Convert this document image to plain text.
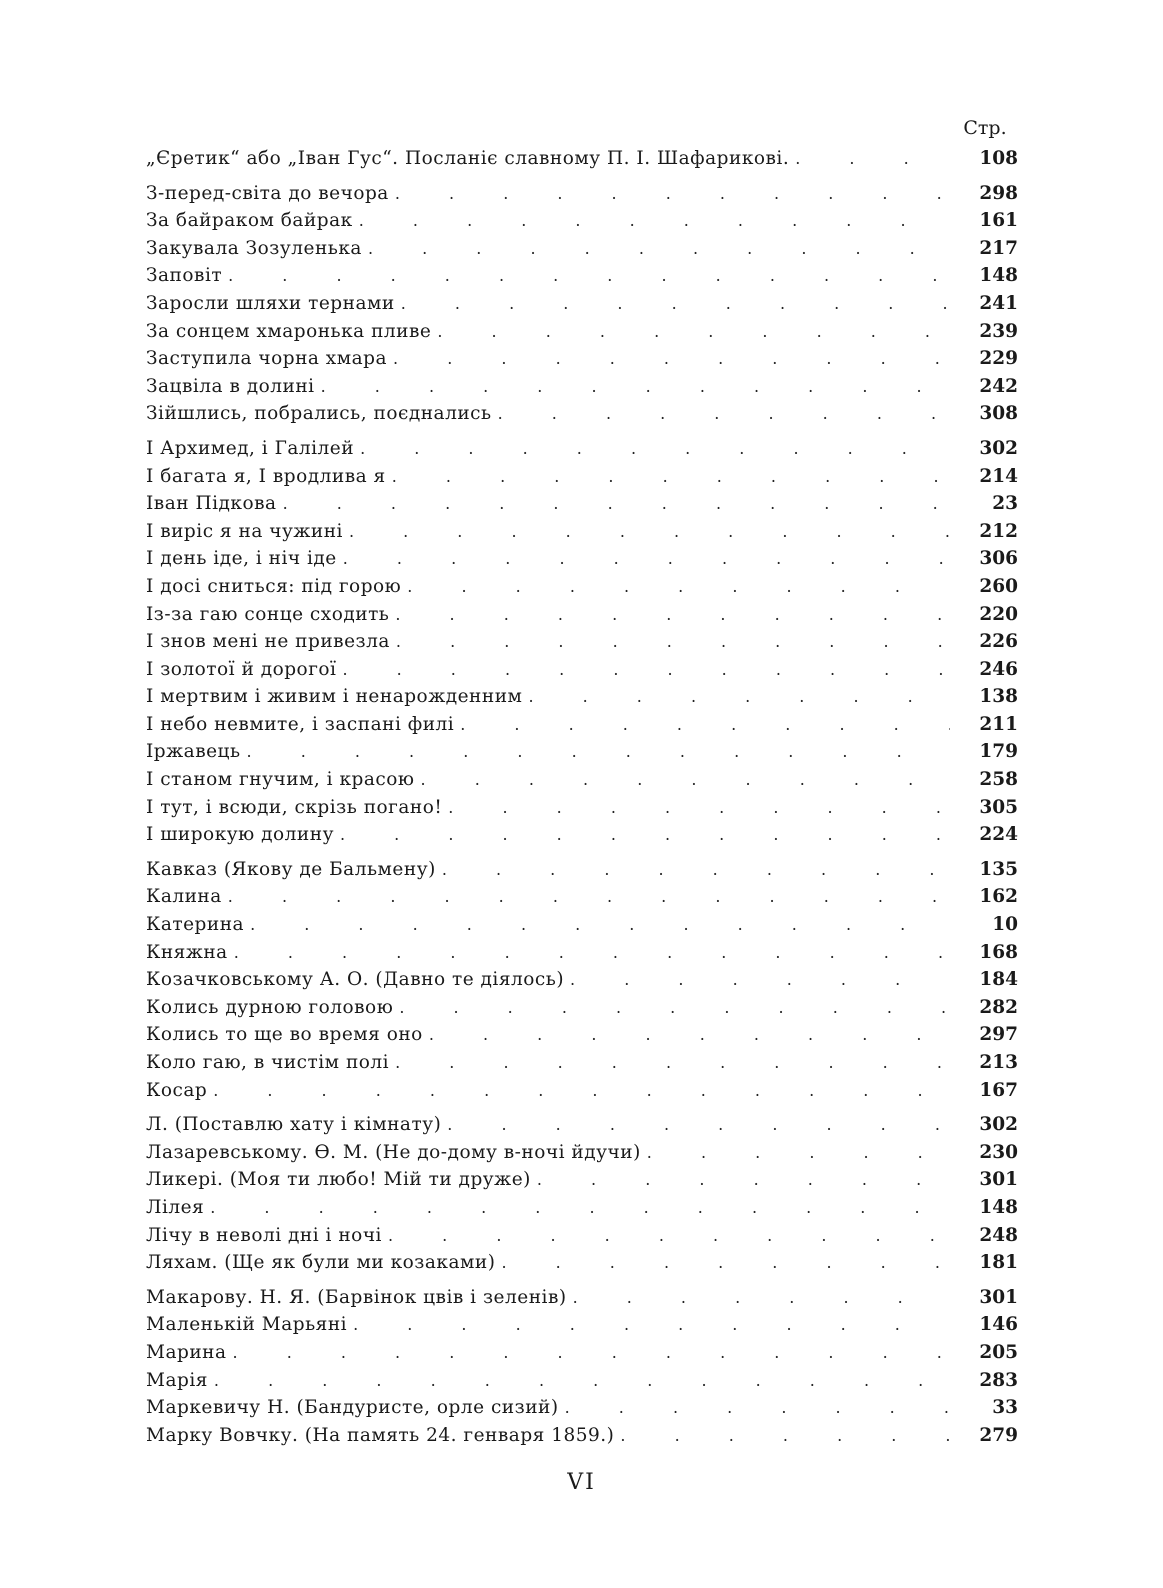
Стр.
„Єретик“ або „Іван Гус“. Посланіє славному П. І. Шафарикові. . . .	108
З-перед-світа до вечора . . .	298
За байраком байрак . . .	161
Закувала Зозуленька . . .	217
Заповіт . . .	148
Заросли шляхи тернами . . .	241
За сонцем хмаронька пливе . . .	239
Заступила чорна хмара . . .	229
Зацвіла в долині . . .	242
Зійшлись, побрались, поєднались . . .	308
І Архимед, і Галілей . . .	302
І багата я, І вродлива я . . .	214
Іван Підкова . . .	23
І виріс я на чужині . . .	212
І день іде, і ніч іде . . .	306
І досі сниться: під горою . . .	260
Із-за гаю сонце сходить . . .	220
І знов мені не привезла . . .	226
І золотої й дорогої . . .	246
І мертвим і живим і ненарожденним . . .	138
І небо невмите, і заспані филі . . .	211
Іржавець . . .	179
І станом гнучим, і красою . . .	258
І тут, і всюди, скрізь погано! . . .	305
І широкую долину . . .	224
Кавказ (Якову де Бальмену) . . .	135
Калина . . .	162
Катерина . . .	10
Княжна . . .	168
Козачковському А. О. (Давно те діялось) . . .	184
Колись дурною головою . . .	282
Колись то ще во время оно . . .	297
Коло гаю, в чистім полі . . .	213
Косар . . .	167
Л. (Поставлю хату і кімнату) . . .	302
Лазаревському. Ө. М. (Не до-дому в-ночі йдучи) . . .	230
Ликері. (Моя ти любо! Мій ти друже) . . .	301
Лілея . . .	148
Лічу в неволі дні і ночі . . .	248
Ляхам. (Ще як були ми козаками) . . .	181
Макарову. Н. Я. (Барвінок цвів і зеленів) . . .	301
Маленькій Марьяні . . .	146
Марина . . .	205
Марія . . .	283
Маркевичу Н. (Бандуристе, орле сизий) . . .	33
Марку Вовчку. (На память 24. генваря 1859.) . . .	279
VI
